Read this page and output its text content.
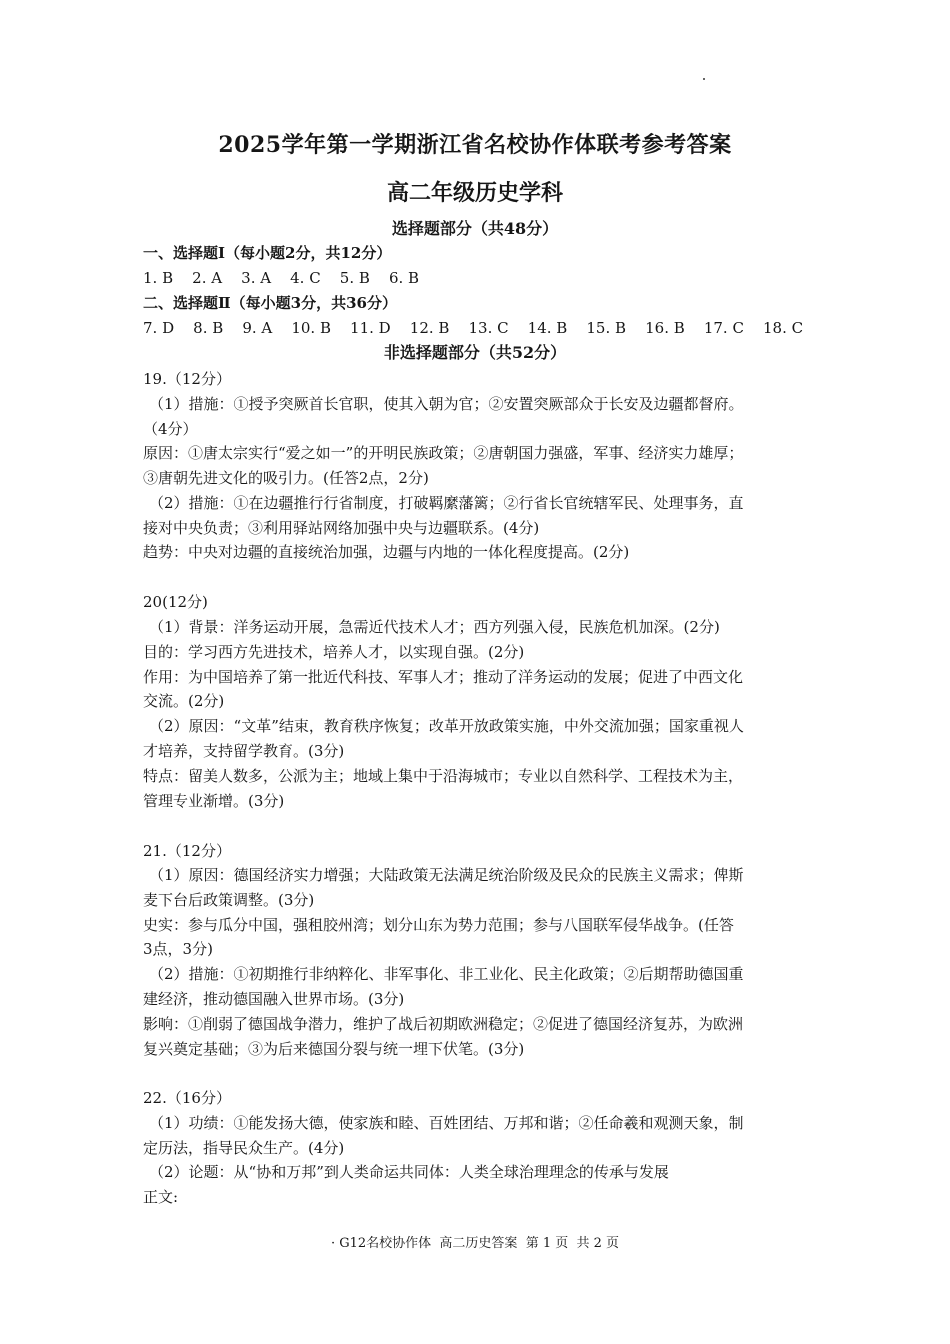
2025学年第一学期浙江省名校协作体联考参考答案
高二年级历史学科
选择题部分（共48分）
一、选择题Ⅰ（每小题2分，共12分）
1. B    2. A    3. A    4. C    5. B    6. B
二、选择题Ⅱ（每小题3分，共36分）
7. D    8. B    9. A    10. B    11. D    12. B    13. C    14. B    15. B    16. B    17. C    18. C
非选择题部分（共52分）
19.（12分）
（1）措施：①授予突厥首长官职，使其入朝为官；②安置突厥部众于长安及边疆都督府。
（4分）
原因：①唐太宗实行“爱之如一”的开明民族政策；②唐朝国力强盛，军事、经济实力雄厚；
③唐朝先进文化的吸引力。(任答2点，2分)
（2）措施：①在边疆推行行省制度，打破羁縻藩篱；②行省长官统辖军民、处理事务，直
接对中央负责；③利用驿站网络加强中央与边疆联系。(4分)
趋势：中央对边疆的直接统治加强，边疆与内地的一体化程度提高。(2分)
20(12分)
（1）背景：洋务运动开展，急需近代技术人才；西方列强入侵，民族危机加深。(2分)
目的：学习西方先进技术，培养人才，以实现自强。(2分)
作用：为中国培养了第一批近代科技、军事人才；推动了洋务运动的发展；促进了中西文化
交流。(2分)
（2）原因：“文革”结束，教育秩序恢复；改革开放政策实施，中外交流加强；国家重视人
才培养，支持留学教育。(3分)
特点：留美人数多，公派为主；地域上集中于沿海城市；专业以自然科学、工程技术为主，
管理专业渐增。(3分)
21.（12分）
（1）原因：德国经济实力增强；大陆政策无法满足统治阶级及民众的民族主义需求；俾斯
麦下台后政策调整。(3分)
史实：参与瓜分中国，强租胶州湾；划分山东为势力范围；参与八国联军侵华战争。(任答
3点，3分)
（2）措施：①初期推行非纳粹化、非军事化、非工业化、民主化政策；②后期帮助德国重
建经济，推动德国融入世界市场。(3分)
影响：①削弱了德国战争潜力，维护了战后初期欧洲稳定；②促进了德国经济复苏，为欧洲
复兴奠定基础；③为后来德国分裂与统一埋下伏笔。(3分)
22.（16分）
（1）功绩：①能发扬大德，使家族和睦、百姓团结、万邦和谐；②任命羲和观测天象，制
定历法，指导民众生产。(4分)
（2）论题：从“协和万邦”到人类命运共同体：人类全球治理理念的传承与发展
正文:
· G12名校协作体  高二历史答案  第 1 页  共 2 页
